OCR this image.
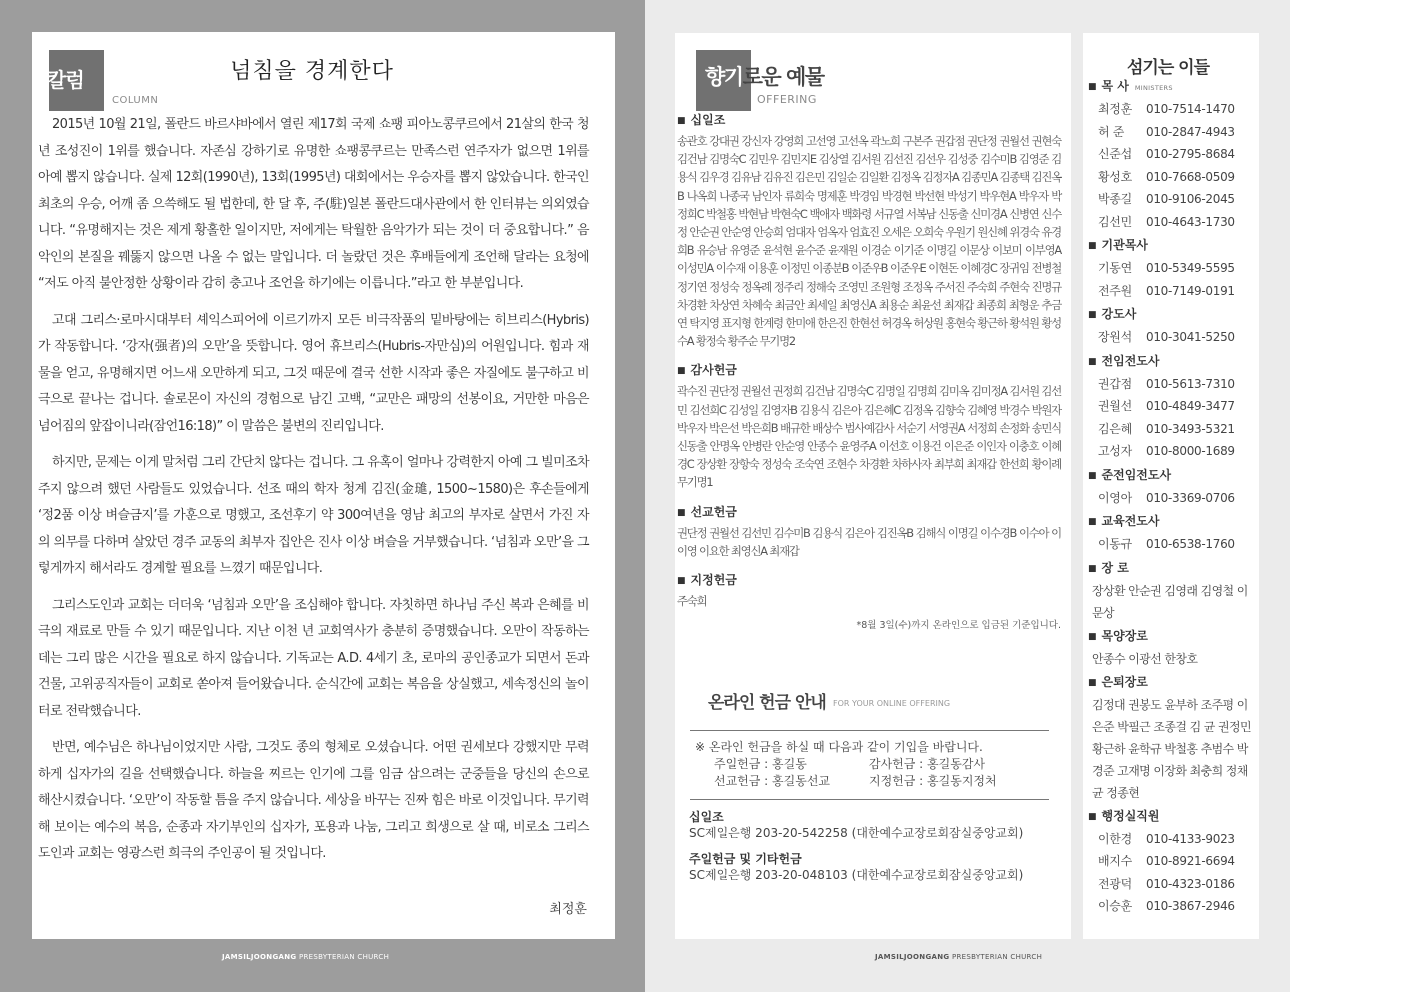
칼럼
COLUMN
넘침을 경계한다

2015년 10월 21일, 폴란드 바르샤바에서 열린 제17회 국제 쇼팽 피아노콩쿠르에서 21살의 한국 청년 조성진이 1위를 했습니다. 자존심 강하기로 유명한 쇼팽콩쿠르는 만족스런 연주자가 없으면 1위를 아예 뽑지 않습니다. 실제 12회(1990년), 13회(1995년) 대회에서는 우승자를 뽑지 않았습니다. 한국인 최초의 우승, 어깨 좀 으쓱해도 될 법한데, 한 달 후, 주(駐)일본 폴란드대사관에서 한 인터뷰는 의외였습니다. “유명해지는 것은 제게 황홀한 일이지만, 저에게는 탁월한 음악가가 되는 것이 더 중요합니다.” 음악인의 본질을 꿰뚫지 않으면 나올 수 없는 말입니다. 더 놀랐던 것은 후배들에게 조언해 달라는 요청에 “저도 아직 불안정한 상황이라 감히 충고나 조언을 하기에는 이릅니다.”라고 한 부분입니다.

고대 그리스·로마시대부터 셰익스피어에 이르기까지 모든 비극작품의 밑바탕에는 히브리스(Hybris)가 작동합니다. ‘강자(强者)의 오만’을 뜻합니다. 영어 휴브리스(Hubris-자만심)의 어원입니다. 힘과 재물을 얻고, 유명해지면 어느새 오만하게 되고, 그것 때문에 결국 선한 시작과 좋은 자질에도 불구하고 비극으로 끝나는 겁니다. 솔로몬이 자신의 경험으로 남긴 고백, “교만은 패망의 선봉이요, 거만한 마음은 넘어짐의 앞잡이니라(잠언16:18)” 이 말씀은 불변의 진리입니다.

하지만, 문제는 이게 말처럼 그리 간단치 않다는 겁니다. 그 유혹이 얼마나 강력한지 아예 그 빌미조차 주지 않으려 했던 사람들도 있었습니다. 선조 때의 학자 청계 김진(金璡, 1500~1580)은 후손들에게 ‘정2품 이상 벼슬금지’를 가훈으로 명했고, 조선후기 약 300여년을 영남 최고의 부자로 살면서 가진 자의 의무를 다하며 살았던 경주 교동의 최부자 집안은 진사 이상 벼슬을 거부했습니다. ‘넘침과 오만’을 그렇게까지 해서라도 경계할 필요를 느꼈기 때문입니다.

그리스도인과 교회는 더더욱 ‘넘침과 오만’을 조심해야 합니다. 자칫하면 하나님 주신 복과 은혜를 비극의 재료로 만들 수 있기 때문입니다. 지난 이천 년 교회역사가 충분히 증명했습니다. 오만이 작동하는 데는 그리 많은 시간을 필요로 하지 않습니다. 기독교는 A.D. 4세기 초, 로마의 공인종교가 되면서 돈과 건물, 고위공직자들이 교회로 쏟아져 들어왔습니다. 순식간에 교회는 복음을 상실했고, 세속정신의 놀이터로 전락했습니다.

반면, 예수님은 하나님이었지만 사람, 그것도 종의 형체로 오셨습니다. 어떤 권세보다 강했지만 무력하게 십자가의 길을 선택했습니다. 하늘을 찌르는 인기에 그를 임금 삼으려는 군중들을 당신의 손으로 해산시켰습니다. ‘오만’이 작동할 틈을 주지 않습니다. 세상을 바꾸는 진짜 힘은 바로 이것입니다. 무기력해 보이는 예수의 복음, 순종과 자기부인의 십자가, 포용과 나눔, 그리고 희생으로 살 때, 비로소 그리스도인과 교회는 영광스런 희극의 주인공이 될 것입니다.

최정훈
JAMSILJOONGANG PRESBYTERIAN CHURCH
향기로운 예물
OFFERING
■ 십일조
송관호 강대권 강신자 강영희 고선영 고선옥 곽노희 구본주 권갑점 권단정 권월선 권현숙 김건남 김명숙C 김민우 김민지E 김상열 김서원 김선진 김선우 김성중 김수미B 김영준 김용식 김우경 김유남 김유진 김은민 김일순 김일환 김정옥 김정자A 김종민A 김종택 김진옥B 나옥희 나종국 남인자 류희숙 명제훈 박경임 박경현 박선현 박성기 박우현A 박우자 박정희C 박철홍 박현남 박현숙C 백애자 백화령 서규열 서복남 신동출 신미경A 신병연 신수정 안순권 안순영 안승희 엄대자 엄옥자 엄효진 오세은 오희숙 우원기 원신혜 위경숙 유경희B 유승남 유영준 윤석현 윤수준 윤재원 이경순 이기준 이명길 이문상 이보미 이부영A 이성민A 이수재 이용훈 이정민 이종분B 이준우B 이준우E 이현돈 이혜경C 장귀임 전병철 정기연 정성숙 정옥례 정주리 정해숙 조영민 조원형 조정옥 주서진 주숙희 주현숙 진명규 차경환 차상연 차혜숙 최금안 최세일 최영신A 최용순 최윤선 최재갑 최종희 최형운 추금연 탁지영 표지형 한계령 한미애 한은진 한현선 허경옥 허상원 홍현숙 황근하 황석원 황성수A 황정숙 황주순 무기명2
■ 감사헌금
곽수진 권단정 권월선 권정희 김건남 김명숙C 김명일 김명희 김미옥 김미정A 김서원 김선민 김선희C 김성일 김영자B 김용식 김은아 김은혜C 김정옥 김향숙 김혜영 박경수 박원자 박우자 박은선 박은희B 배규한 배상수 범사예감사 서순기 서영권A 서정희 손정화 송민식 신동출 안명옥 안병란 안순영 안종수 윤영주A 이선호 이용건 이은준 이인자 이충호 이혜경C 장상환 장항숙 정성숙 조숙연 조현수 차경환 차하사자 최부희 최재갑 한선희 황이례 무기명1
■ 선교헌금
권단정 권월선 김선민 김수미B 김용식 김은아 김진옥B 김해식 이명길 이수경B 이수아 이이영 이요한 최영신A 최재갑
■ 지정헌금
주숙희
*8월 3일(수)까지 온라인으로 입금된 기준입니다.
온라인 헌금 안내 FOR YOUR ONLINE OFFERING
※ 온라인 헌금을 하실 때 다음과 같이 기입을 바랍니다.
주일헌금 : 홍길동	감사헌금 : 홍길동감사
선교헌금 : 홍길동선교	지정헌금 : 홍길동지정처
십일조
SC제일은행 203-20-542258 (대한예수교장로회잠실중앙교회)
주일헌금 및 기타헌금
SC제일은행 203-20-048103 (대한예수교장로회잠실중앙교회)
섬기는 이들
■ 목 사 MINISTERS
최정훈 010-7514-1470
허 준 010-2847-4943
신준섭 010-2795-8684
황성호 010-7668-0509
박종길 010-9106-2045
김선민 010-4643-1730
■ 기관목사
기동연 010-5349-5595
전주원 010-7149-0191
■ 강도사
장원석 010-3041-5250
■ 전임전도사
권갑점 010-5613-7310
권월선 010-4849-3477
김은혜 010-3493-5321
고성자 010-8000-1689
■ 준전임전도사
이영아 010-3369-0706
■ 교육전도사
이동규 010-6538-1760
■ 장 로
장상환 안순권 김영래 김영철 이문상
■ 목양장로
안종수 이광선 한창호
■ 은퇴장로
김정대 권봉도 윤부하 조주평 이은준 박필근 조종걸 김 균 권정민 황근하 윤학규 박철홍 추범수 박경준 고재명 이장화 최충희 정채균 정종현
■ 행정실직원
이한경 010-4133-9023
배지수 010-8921-6694
전광덕 010-4323-0186
이승훈 010-3867-2946
JAMSILJOONGANG PRESBYTERIAN CHURCH
